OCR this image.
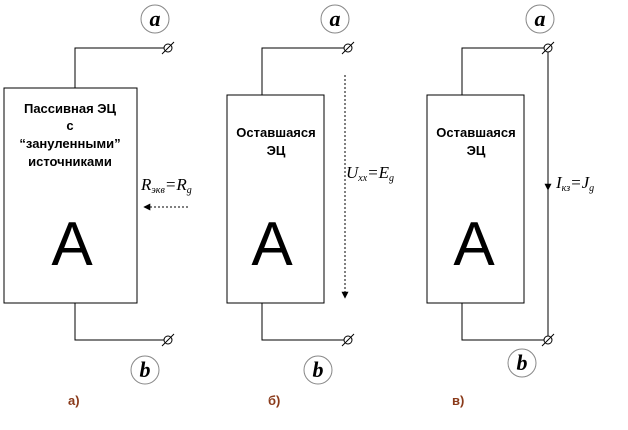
a
b
Пассивная ЭЦ
с
“зануленными”
источниками
A
Rэкв=Rg
а)
a
b
Оставшаяся
ЭЦ
A
Uxx=Eg
б)
a
b
Оставшаяся
ЭЦ
A
Iкз=Jg
в)
